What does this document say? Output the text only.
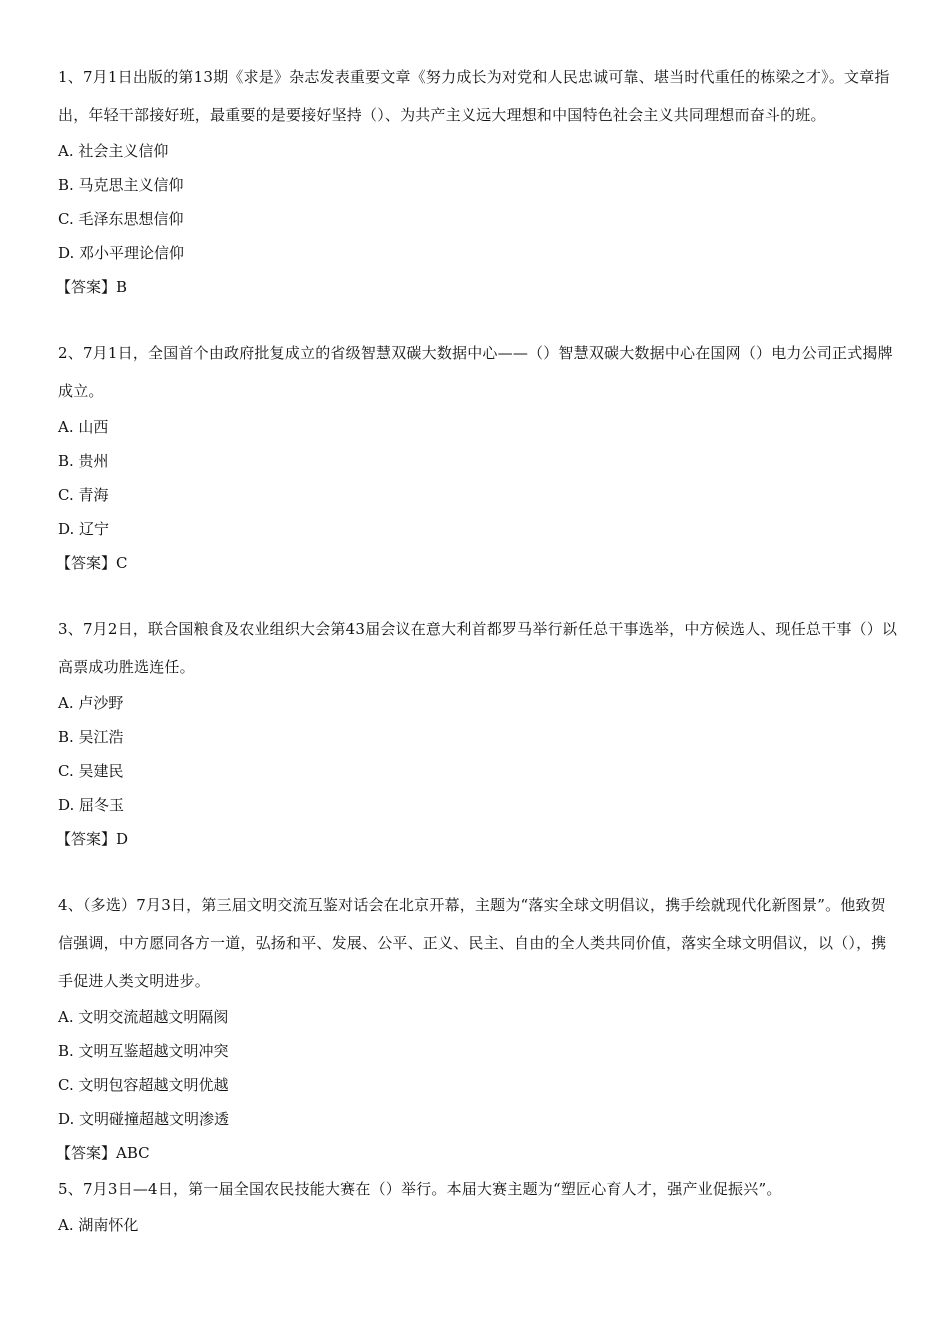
1、7月1日出版的第13期《求是》杂志发表重要文章《努力成长为对党和人民忠诚可靠、堪当时代重任的栋梁之才》。文章指出，年轻干部接好班，最重要的是要接好坚持（）、为共产主义远大理想和中国特色社会主义共同理想而奋斗的班。

A. 社会主义信仰

B. 马克思主义信仰

C. 毛泽东思想信仰

D. 邓小平理论信仰

【答案】B

2、7月1日，全国首个由政府批复成立的省级智慧双碳大数据中心——（）智慧双碳大数据中心在国网（）电力公司正式揭牌成立。

A. 山西

B. 贵州

C. 青海

D. 辽宁

【答案】C

3、7月2日，联合国粮食及农业组织大会第43届会议在意大利首都罗马举行新任总干事选举，中方候选人、现任总干事（）以高票成功胜选连任。

A. 卢沙野

B. 吴江浩

C. 吴建民

D. 屈冬玉

【答案】D

4、（多选）7月3日，第三届文明交流互鉴对话会在北京开幕，主题为“落实全球文明倡议，携手绘就现代化新图景”。他致贺信强调，中方愿同各方一道，弘扬和平、发展、公平、正义、民主、自由的全人类共同价值，落实全球文明倡议，以（），携手促进人类文明进步。

A. 文明交流超越文明隔阂

B. 文明互鉴超越文明冲突

C. 文明包容超越文明优越

D. 文明碰撞超越文明渗透

【答案】ABC

5、7月3日—4日，第一届全国农民技能大赛在（）举行。本届大赛主题为“塑匠心育人才，强产业促振兴”。

A. 湖南怀化
